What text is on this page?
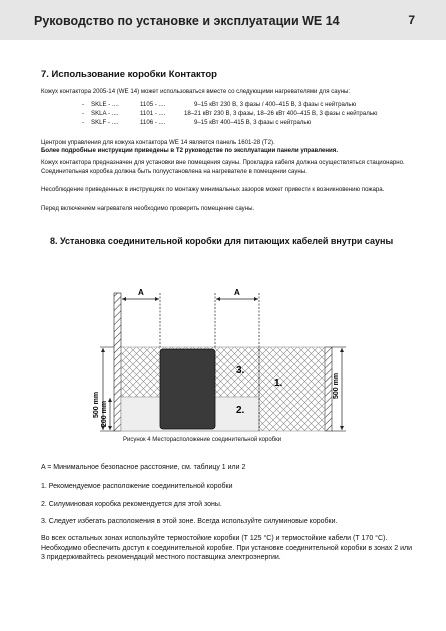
Руководство по установке и эксплуатации WE 14	7
7. Использование коробки Контактор
Кожух контактора 2005-14 (WE 14) может использоваться вместе со следующими нагревателями для сауны:
- SKLE - ....	1105 - ....	9–15 кВт 230 В, 3 фазы / 400–415 В, 3 фазы с нейтралью
- SKLA - ....	1101 - ....	18–21 кВт 230 В, 3 фазы, 18–26 кВт 400–415 В, 3 фазы с нейтралью
- SKLF - ....	1106 - ....	9–15 кВт 400–415 В, 3 фазы с нейтралью
Центром управления для кожуха контактора WE 14 является панель 1601-28 (T2).
Более подробные инструкции приведены в Т2 руководстве по эксплуатации панели управления.
Кожух контактора предназначен для установки вне помещения сауны. Прокладка кабеля должна осуществляться стационарно. Соединительная коробка должна быть полуустановлена на нагревателе в помещении сауны.
Несоблюдение приведенных в инструкциях по монтажу минимальных зазоров может привести к возникновению пожара.
Перед включением нагревателя необходимо проверить помещение сауны.
8. Установка соединительной коробки для питающих кабелей внутри сауны
A	A
500 mm 200 mm
500 mm
3.
1.
2.
Рисунок 4 Месторасположение соединительной коробки
A = Минимальное безопасное расстояние, см. таблицу 1 или 2
1. Рекомендуемое расположение соединительной коробки
2. Силуминовая коробка рекомендуется для этой зоны.
3. Следует избегать расположения в этой зоне. Всегда используйте силуминовые коробки.
Во всех остальных зонах используйте термостойкие коробки (Т 125 °C) и термостойкие кабели (Т 170 °C). Необходимо обеспечить доступ к соединительной коробке. При установке соединительной коробки в зонах 2 или 3 придерживайтесь рекомендаций местного поставщика электроэнергии.
